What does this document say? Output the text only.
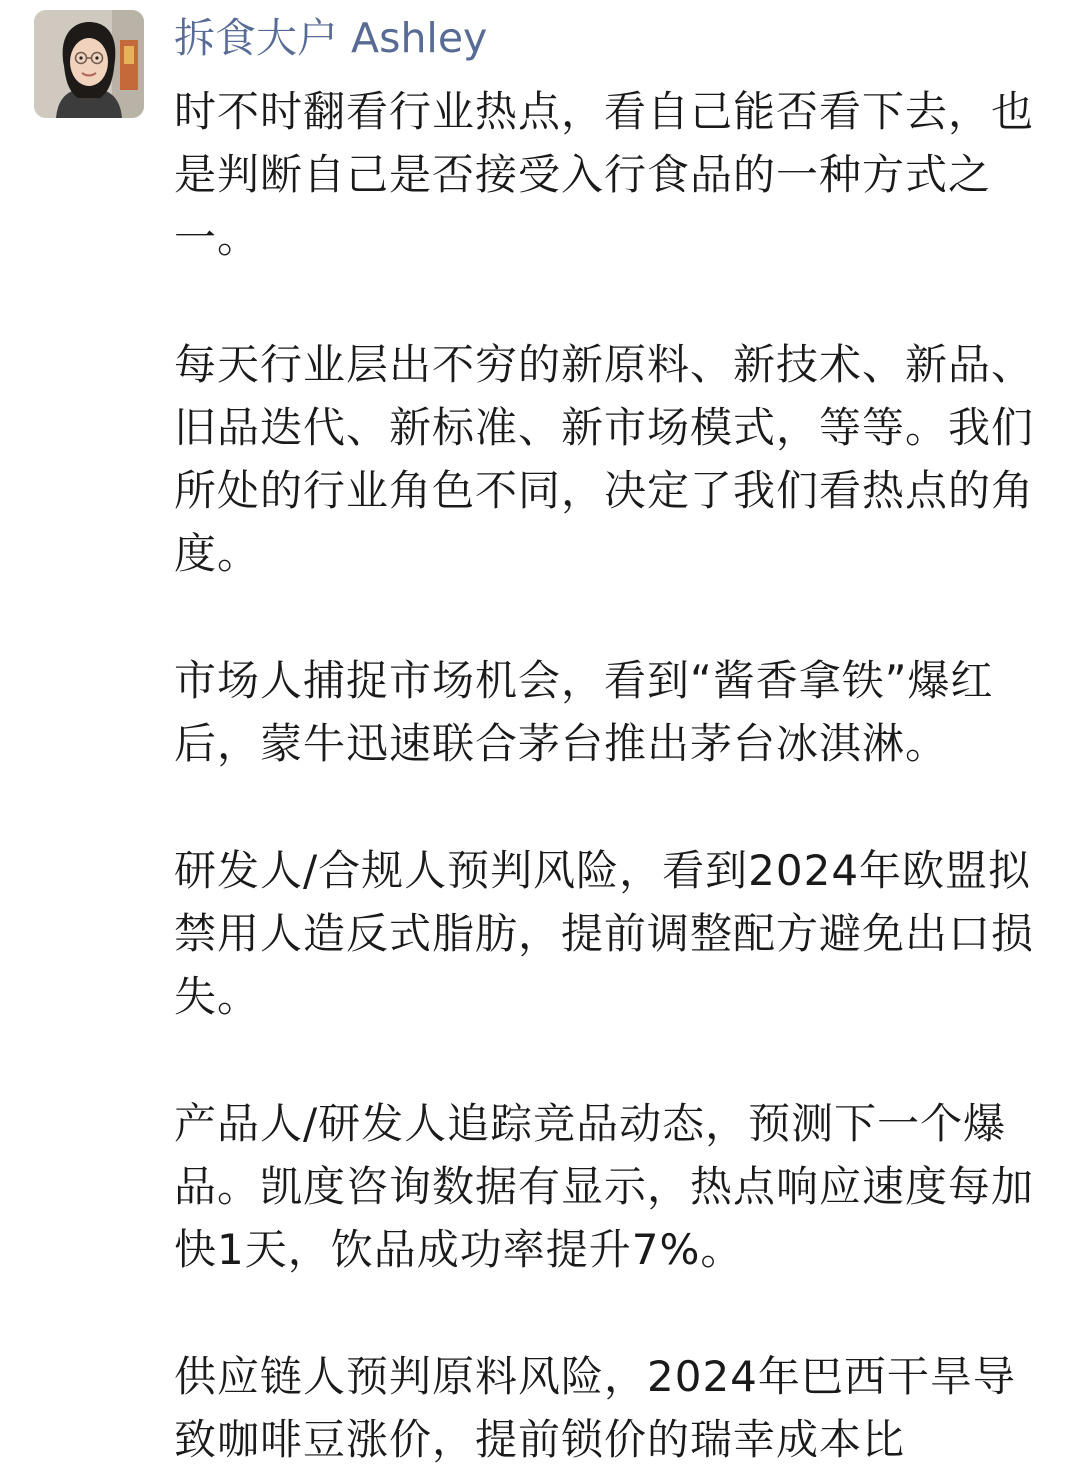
拆食大户 Ashley

时不时翻看行业热点，看自己能否看下去，也是判断自己是否接受入行食品的一种方式之一。

每天行业层出不穷的新原料、新技术、新品、旧品迭代、新标准、新市场模式，等等。我们所处的行业角色不同，决定了我们看热点的角度。

市场人捕捉市场机会，看到“酱香拿铁”爆红后，蒙牛迅速联合茅台推出茅台冰淇淋。

研发人/合规人预判风险，看到2024年欧盟拟禁用人造反式脂肪，提前调整配方避免出口损失。

产品人/研发人追踪竞品动态，预测下一个爆品。凯度咨询数据有显示，热点响应速度每加快1天，饮品成功率提升7%。

供应链人预判原料风险，2024年巴西干旱导致咖啡豆涨价，提前锁价的瑞幸成本比
